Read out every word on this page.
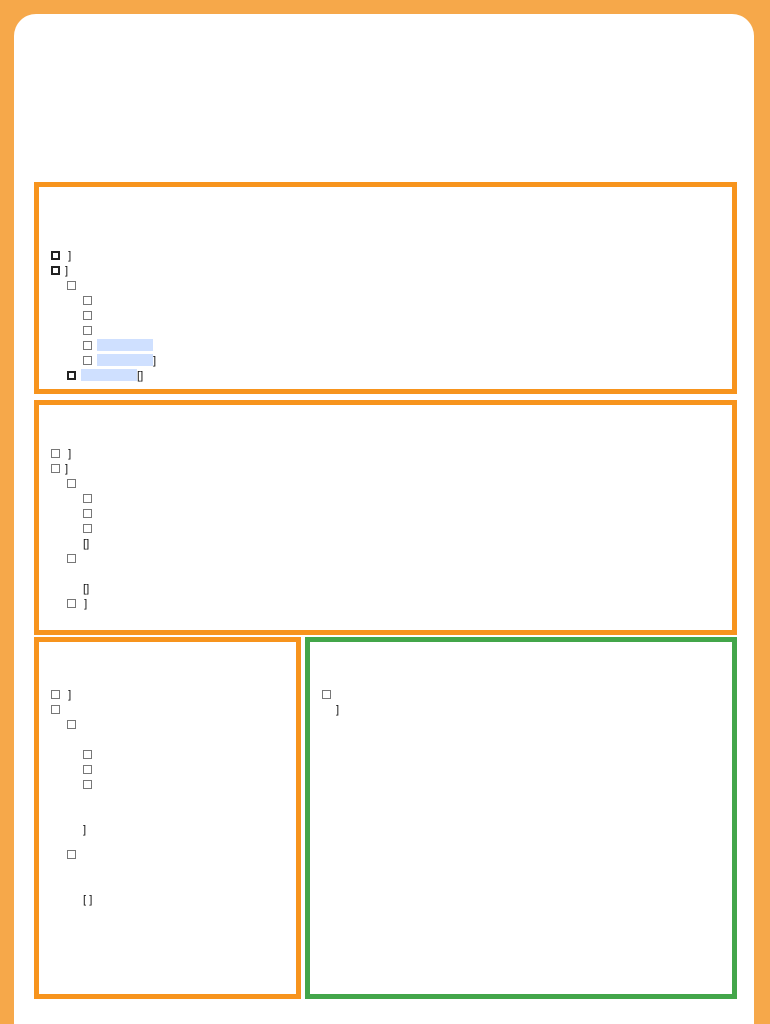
]
]
]
[]
]
]
[]
[]
]
]
]
[ ]
]
